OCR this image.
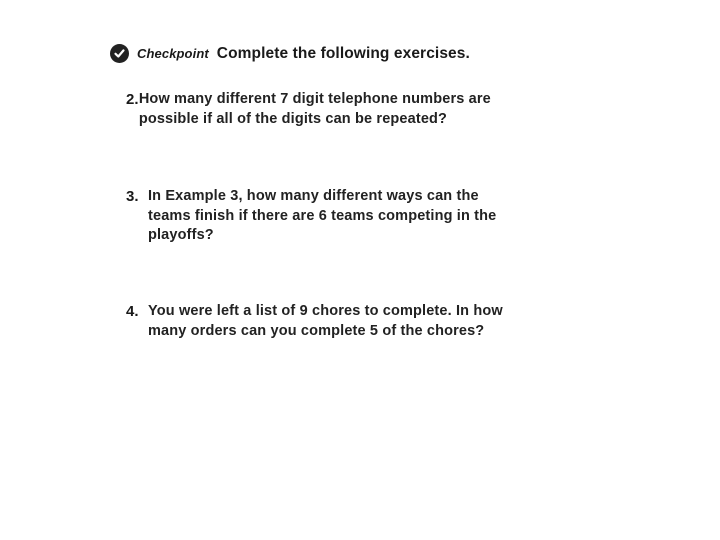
Checkpoint Complete the following exercises.
2. How many different 7 digit telephone numbers are possible if all of the digits can be repeated?
3. In Example 3, how many different ways can the teams finish if there are 6 teams competing in the playoffs?
4. You were left a list of 9 chores to complete. In how many orders can you complete 5 of the chores?
